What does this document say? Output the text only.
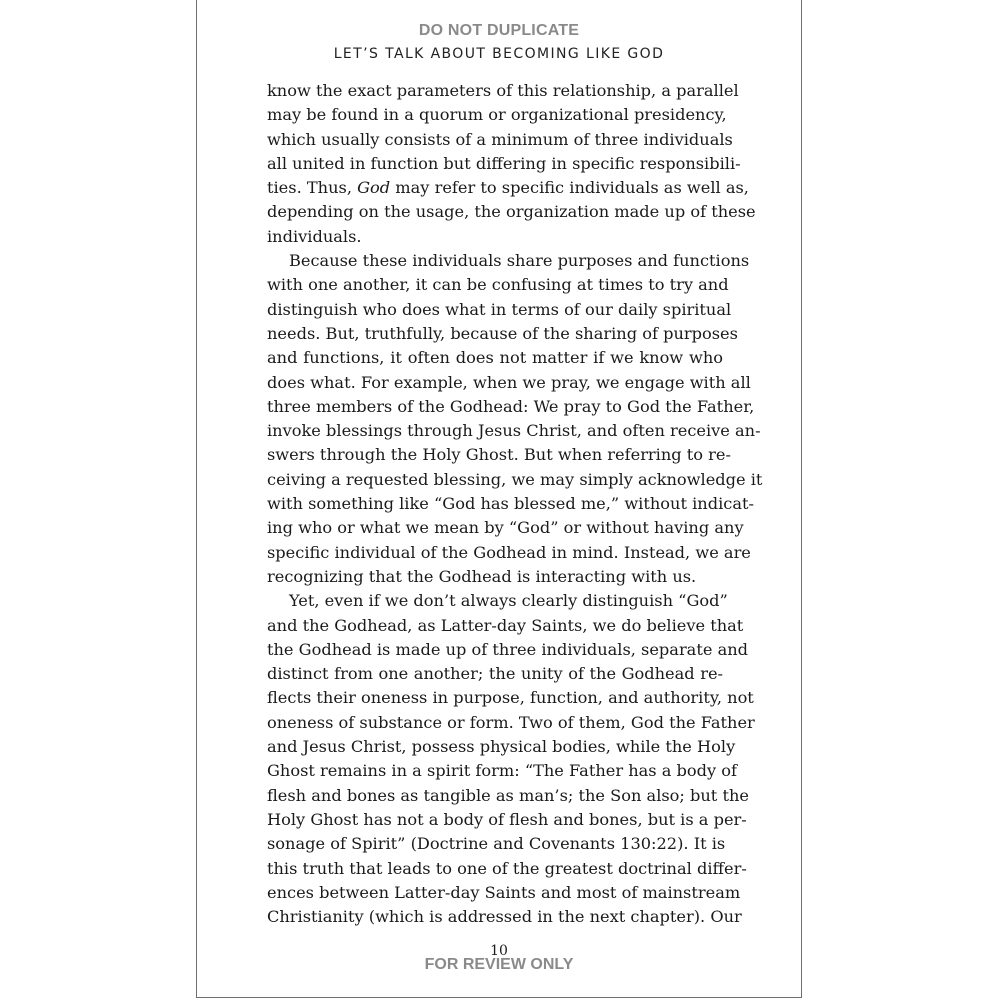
DO NOT DUPLICATE
LET’S TALK ABOUT BECOMING LIKE GOD
know the exact parameters of this relationship, a parallel
may be found in a quorum or organizational presidency,
which usually consists of a minimum of three individuals
all united in function but differing in specific responsibili-
ties. Thus, God may refer to specific individuals as well as,
depending on the usage, the organization made up of these
individuals.
Because these individuals share purposes and functions
with one another, it can be confusing at times to try and
distinguish who does what in terms of our daily spiritual
needs. But, truthfully, because of the sharing of purposes
and functions, it often does not matter if we know who
does what. For example, when we pray, we engage with all
three members of the Godhead: We pray to God the Father,
invoke blessings through Jesus Christ, and often receive an-
swers through the Holy Ghost. But when referring to re-
ceiving a requested blessing, we may simply acknowledge it
with something like “God has blessed me,” without indicat-
ing who or what we mean by “God” or without having any
specific individual of the Godhead in mind. Instead, we are
recognizing that the Godhead is interacting with us.
Yet, even if we don’t always clearly distinguish “God”
and the Godhead, as Latter-day Saints, we do believe that
the Godhead is made up of three individuals, separate and
distinct from one another; the unity of the Godhead re-
flects their oneness in purpose, function, and authority, not
oneness of substance or form. Two of them, God the Father
and Jesus Christ, possess physical bodies, while the Holy
Ghost remains in a spirit form: “The Father has a body of
flesh and bones as tangible as man’s; the Son also; but the
Holy Ghost has not a body of flesh and bones, but is a per-
sonage of Spirit” (Doctrine and Covenants 130:22). It is
this truth that leads to one of the greatest doctrinal differ-
ences between Latter-day Saints and most of mainstream
Christianity (which is addressed in the next chapter). Our
10
FOR REVIEW ONLY
